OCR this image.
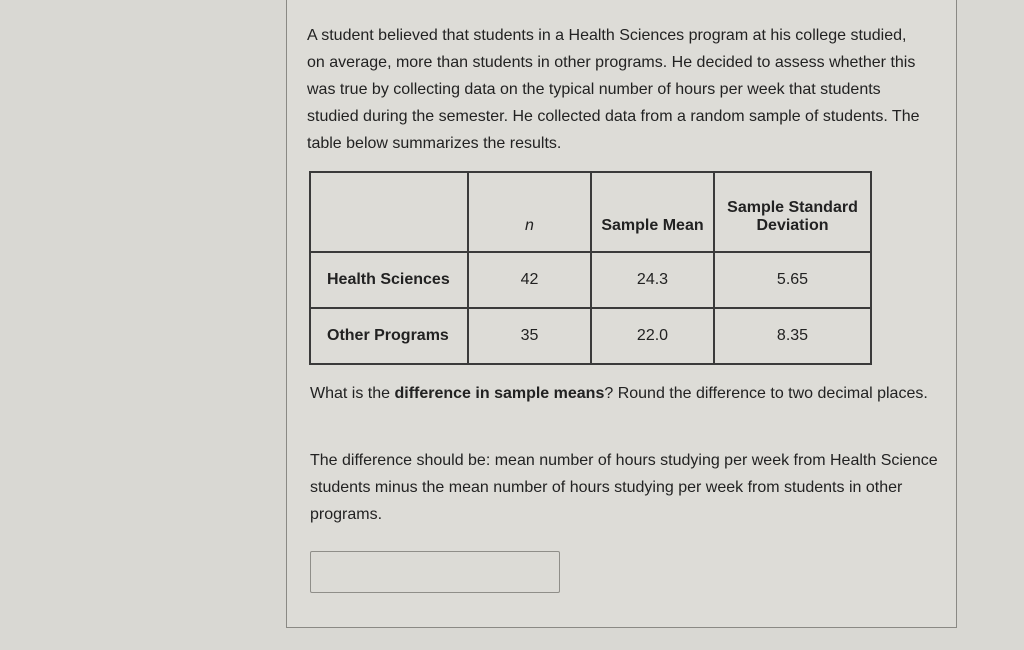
A student believed that students in a Health Sciences program at his college studied, on average, more than students in other programs. He decided to assess whether this was true by collecting data on the typical number of hours per week that students studied during the semester. He collected data from a random sample of students. The table below summarizes the results.

	n	Sample Mean	Sample Standard Deviation
Health Sciences	42	24.3	5.65
Other Programs	35	22.0	8.35

What is the difference in sample means? Round the difference to two decimal places.

The difference should be: mean number of hours studying per week from Health Science students minus the mean number of hours studying per week from students in other programs.
